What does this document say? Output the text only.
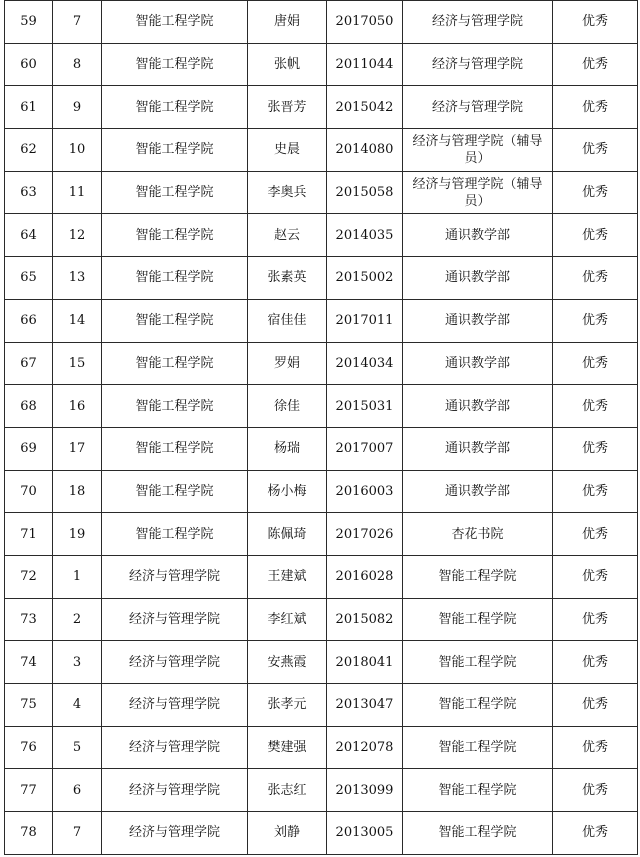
59	7	智能工程学院	唐娟	2017050	经济与管理学院	优秀
60	8	智能工程学院	张帆	2011044	经济与管理学院	优秀
61	9	智能工程学院	张晋芳	2015042	经济与管理学院	优秀
62	10	智能工程学院	史晨	2014080	经济与管理学院（辅导员）	优秀
63	11	智能工程学院	李奥兵	2015058	经济与管理学院（辅导员）	优秀
64	12	智能工程学院	赵云	2014035	通识教学部	优秀
65	13	智能工程学院	张素英	2015002	通识教学部	优秀
66	14	智能工程学院	宿佳佳	2017011	通识教学部	优秀
67	15	智能工程学院	罗娟	2014034	通识教学部	优秀
68	16	智能工程学院	徐佳	2015031	通识教学部	优秀
69	17	智能工程学院	杨瑞	2017007	通识教学部	优秀
70	18	智能工程学院	杨小梅	2016003	通识教学部	优秀
71	19	智能工程学院	陈佩琦	2017026	杏花书院	优秀
72	1	经济与管理学院	王建斌	2016028	智能工程学院	优秀
73	2	经济与管理学院	李红斌	2015082	智能工程学院	优秀
74	3	经济与管理学院	安燕霞	2018041	智能工程学院	优秀
75	4	经济与管理学院	张孝元	2013047	智能工程学院	优秀
76	5	经济与管理学院	樊建强	2012078	智能工程学院	优秀
77	6	经济与管理学院	张志红	2013099	智能工程学院	优秀
78	7	经济与管理学院	刘静	2013005	智能工程学院	优秀
